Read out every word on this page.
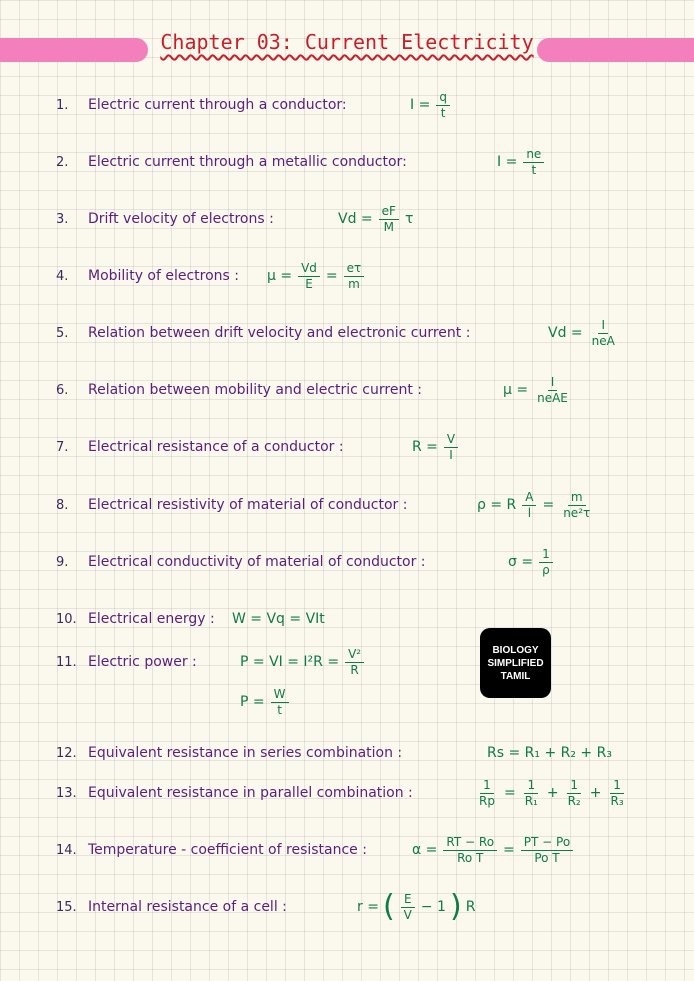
Chapter 03: Current Electricity
1. Electric current through a conductor:	$I = \frac{q}{t}$
2. Electric current through a metallic conductor:	$I = \frac{ne}{t}$
3. Drift velocity of electrons :	$Vd = \frac{eF}{M}$ τ
4. Mobility of electrons : $\mu = \frac{Vd}{E} = \frac{e\tau}{m}$
5. Relation between drift velocity and electronic current :	$Vd = \frac{I}{\text{neA}}$
6. Relation between mobility and electric current :	$\mu = \frac{I}{\text{neAE}}$
7. Electrical resistance of a conductor :	$R = \frac{V}{I}$
8. Electrical resistivity of material of conductor :	ρ = R $\frac{A}{l} = \frac{m}{\text{ne²τ}}$
9. Electrical conductivity of material of conductor :	$\sigma = \frac{1}{\rho}$
10. Electrical energy : W = Vq = VIt
11. Electric power :	P = VI = $I^2R = \frac{\text{V²}}{R}$
$P = \frac{W}{t}$
BIOLOGY
SIMPLIFIED
TAMIL
12. Equivalent resistance in series combination :	Rs = R₁ + R₂ + R₃
13. Equivalent resistance in parallel combination :	$\frac{1}{Rp} = \frac{1}{\text{R₁}} + \frac{1}{\text{R₂}} + \frac{1}{\text{R₃}}$
14. Temperature - coefficient of resistance :	$\alpha = \frac{RT - Ro}{\text{Ro T}} = \frac{PT - Po}{\text{Po T}}$
15. Internal resistance of a cell :	r = ( $\frac{E}{V} - 1$ ) R
